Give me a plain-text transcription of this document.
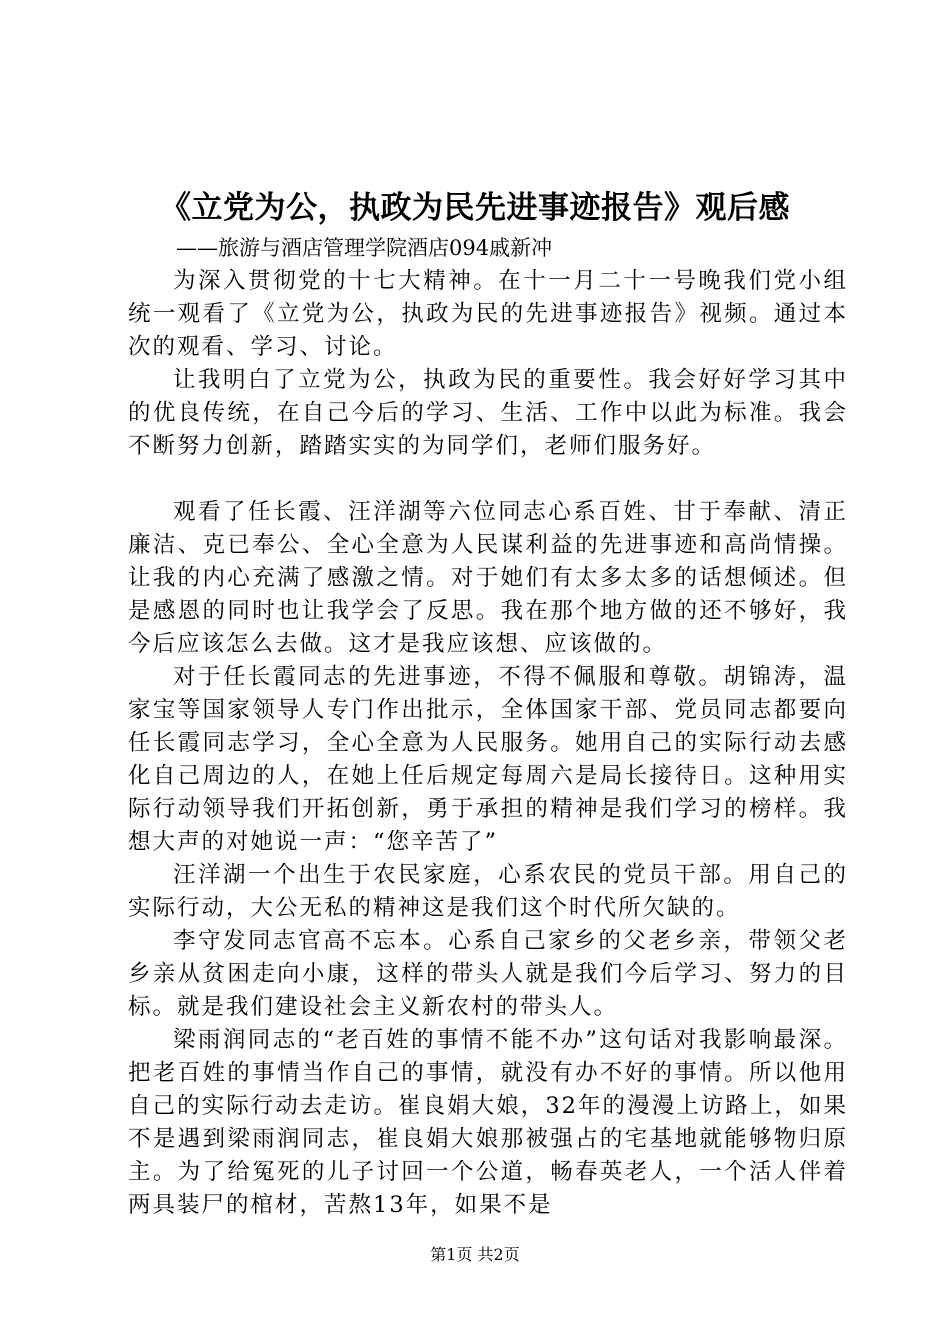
《立党为公，执政为民先进事迹报告》观后感
——旅游与酒店管理学院酒店094戚新冲

为深入贯彻党的十七大精神。在十一月二十一号晚我们党小组统一观看了《立党为公，执政为民的先进事迹报告》视频。通过本次的观看、学习、讨论。

让我明白了立党为公，执政为民的重要性。我会好好学习其中的优良传统，在自己今后的学习、生活、工作中以此为标准。我会不断努力创新，踏踏实实的为同学们，老师们服务好。

观看了任长霞、汪洋湖等六位同志心系百姓、甘于奉献、清正廉洁、克已奉公、全心全意为人民谋利益的先进事迹和高尚情操。让我的内心充满了感激之情。对于她们有太多太多的话想倾述。但是感恩的同时也让我学会了反思。我在那个地方做的还不够好，我今后应该怎么去做。这才是我应该想、应该做的。

对于任长霞同志的先进事迹，不得不佩服和尊敬。胡锦涛，温家宝等国家领导人专门作出批示，全体国家干部、党员同志都要向任长霞同志学习，全心全意为人民服务。她用自己的实际行动去感化自己周边的人，在她上任后规定每周六是局长接待日。这种用实际行动领导我们开拓创新，勇于承担的精神是我们学习的榜样。我想大声的对她说一声：“您辛苦了”

汪洋湖一个出生于农民家庭，心系农民的党员干部。用自己的实际行动，大公无私的精神这是我们这个时代所欠缺的。

李守发同志官高不忘本。心系自己家乡的父老乡亲，带领父老乡亲从贫困走向小康，这样的带头人就是我们今后学习、努力的目标。就是我们建设社会主义新农村的带头人。

梁雨润同志的“老百姓的事情不能不办”这句话对我影响最深。把老百姓的事情当作自己的事情，就没有办不好的事情。所以他用自己的实际行动去走访。崔良娟大娘，32年的漫漫上访路上，如果不是遇到梁雨润同志，崔良娟大娘那被强占的宅基地就能够物归原主。为了给冤死的儿子讨回一个公道，畅春英老人，一个活人伴着两具装尸的棺材，苦熬13年，如果不是

第1页 共2页
